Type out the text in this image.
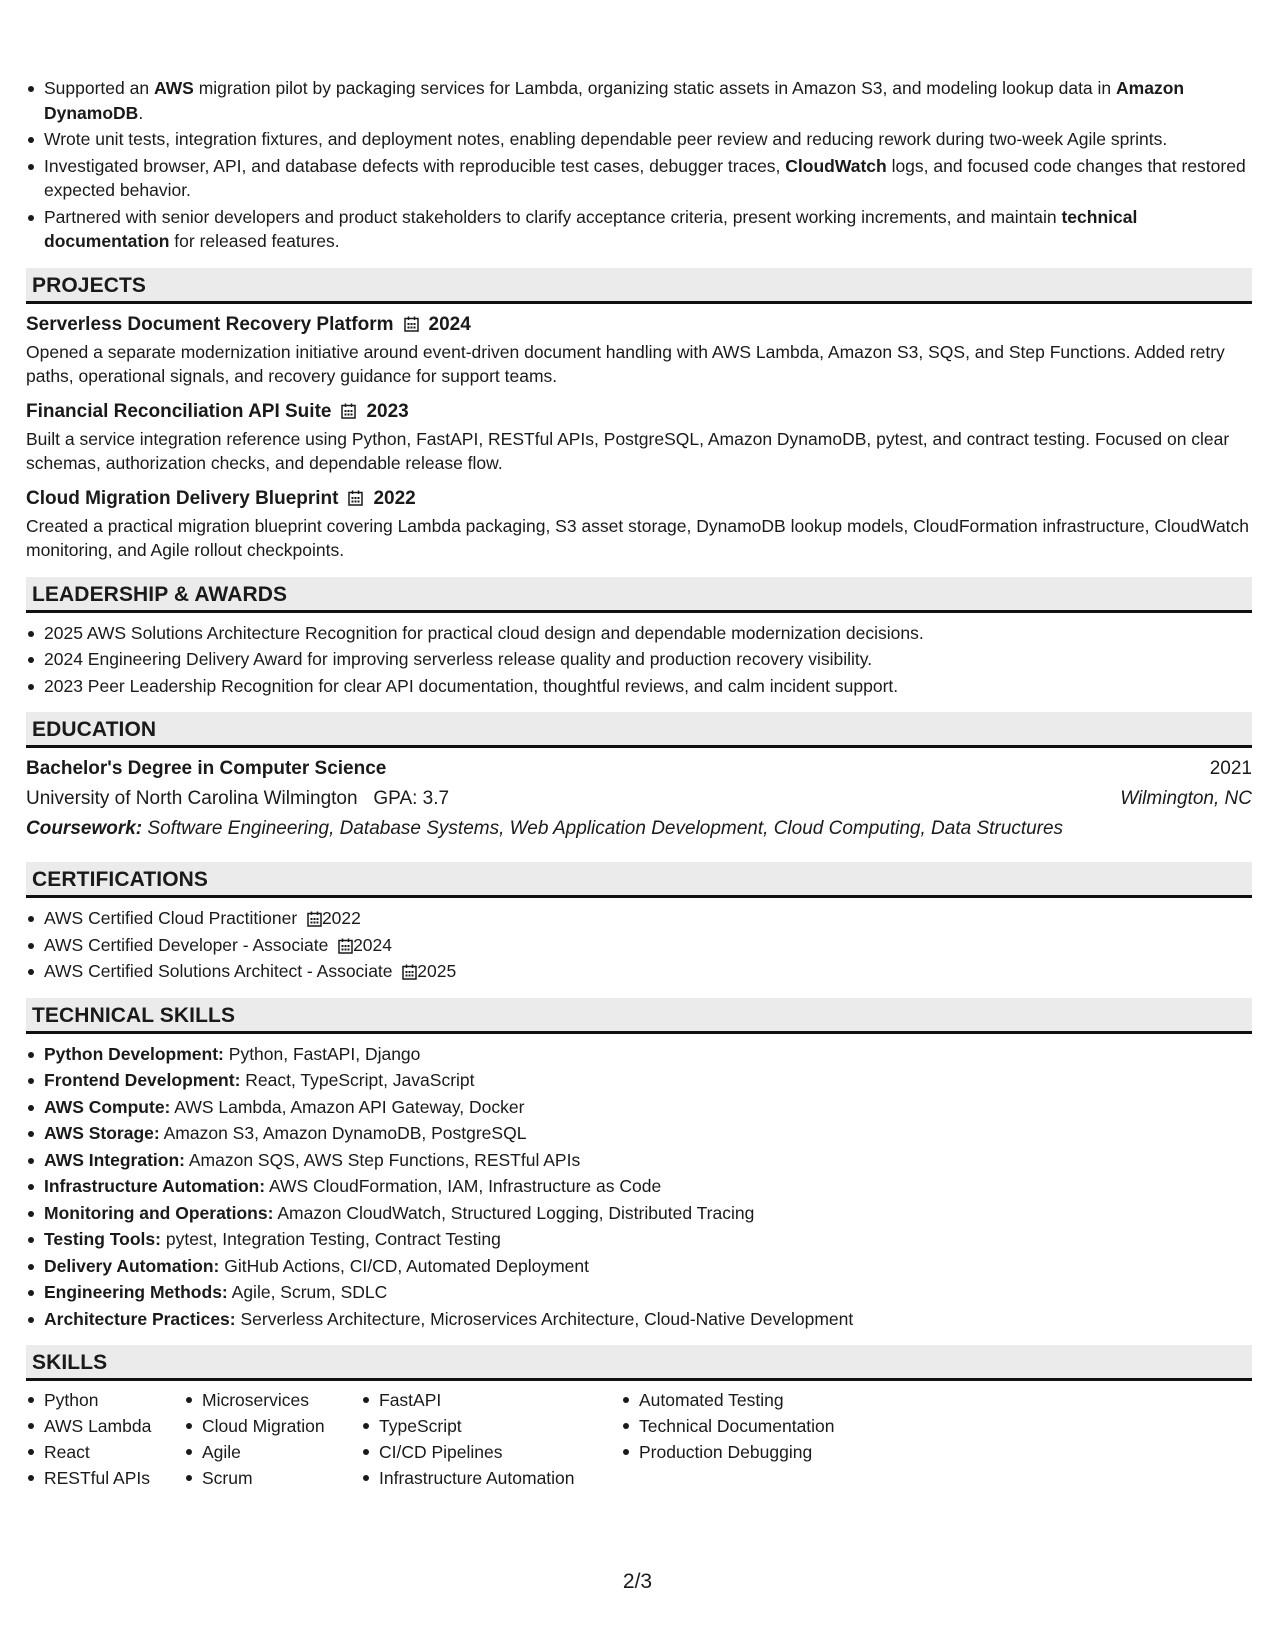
Supported an AWS migration pilot by packaging services for Lambda, organizing static assets in Amazon S3, and modeling lookup data in Amazon DynamoDB.
Wrote unit tests, integration fixtures, and deployment notes, enabling dependable peer review and reducing rework during two-week Agile sprints.
Investigated browser, API, and database defects with reproducible test cases, debugger traces, CloudWatch logs, and focused code changes that restored expected behavior.
Partnered with senior developers and product stakeholders to clarify acceptance criteria, present working increments, and maintain technical documentation for released features.
PROJECTS
Serverless Document Recovery Platform 2024
Opened a separate modernization initiative around event-driven document handling with AWS Lambda, Amazon S3, SQS, and Step Functions. Added retry paths, operational signals, and recovery guidance for support teams.
Financial Reconciliation API Suite 2023
Built a service integration reference using Python, FastAPI, RESTful APIs, PostgreSQL, Amazon DynamoDB, pytest, and contract testing. Focused on clear schemas, authorization checks, and dependable release flow.
Cloud Migration Delivery Blueprint 2022
Created a practical migration blueprint covering Lambda packaging, S3 asset storage, DynamoDB lookup models, CloudFormation infrastructure, CloudWatch monitoring, and Agile rollout checkpoints.
LEADERSHIP & AWARDS
2025 AWS Solutions Architecture Recognition for practical cloud design and dependable modernization decisions.
2024 Engineering Delivery Award for improving serverless release quality and production recovery visibility.
2023 Peer Leadership Recognition for clear API documentation, thoughtful reviews, and calm incident support.
EDUCATION
Bachelor's Degree in Computer Science	2021
University of North Carolina Wilmington GPA: 3.7	Wilmington, NC
Coursework: Software Engineering, Database Systems, Web Application Development, Cloud Computing, Data Structures
CERTIFICATIONS
AWS Certified Cloud Practitioner 2022
AWS Certified Developer - Associate 2024
AWS Certified Solutions Architect - Associate 2025
TECHNICAL SKILLS
Python Development: Python, FastAPI, Django
Frontend Development: React, TypeScript, JavaScript
AWS Compute: AWS Lambda, Amazon API Gateway, Docker
AWS Storage: Amazon S3, Amazon DynamoDB, PostgreSQL
AWS Integration: Amazon SQS, AWS Step Functions, RESTful APIs
Infrastructure Automation: AWS CloudFormation, IAM, Infrastructure as Code
Monitoring and Operations: Amazon CloudWatch, Structured Logging, Distributed Tracing
Testing Tools: pytest, Integration Testing, Contract Testing
Delivery Automation: GitHub Actions, CI/CD, Automated Deployment
Engineering Methods: Agile, Scrum, SDLC
Architecture Practices: Serverless Architecture, Microservices Architecture, Cloud-Native Development
SKILLS
Python
AWS Lambda
React
RESTful APIs
Microservices
Cloud Migration
Agile
Scrum
FastAPI
TypeScript
CI/CD Pipelines
Infrastructure Automation
Automated Testing
Technical Documentation
Production Debugging
2/3
